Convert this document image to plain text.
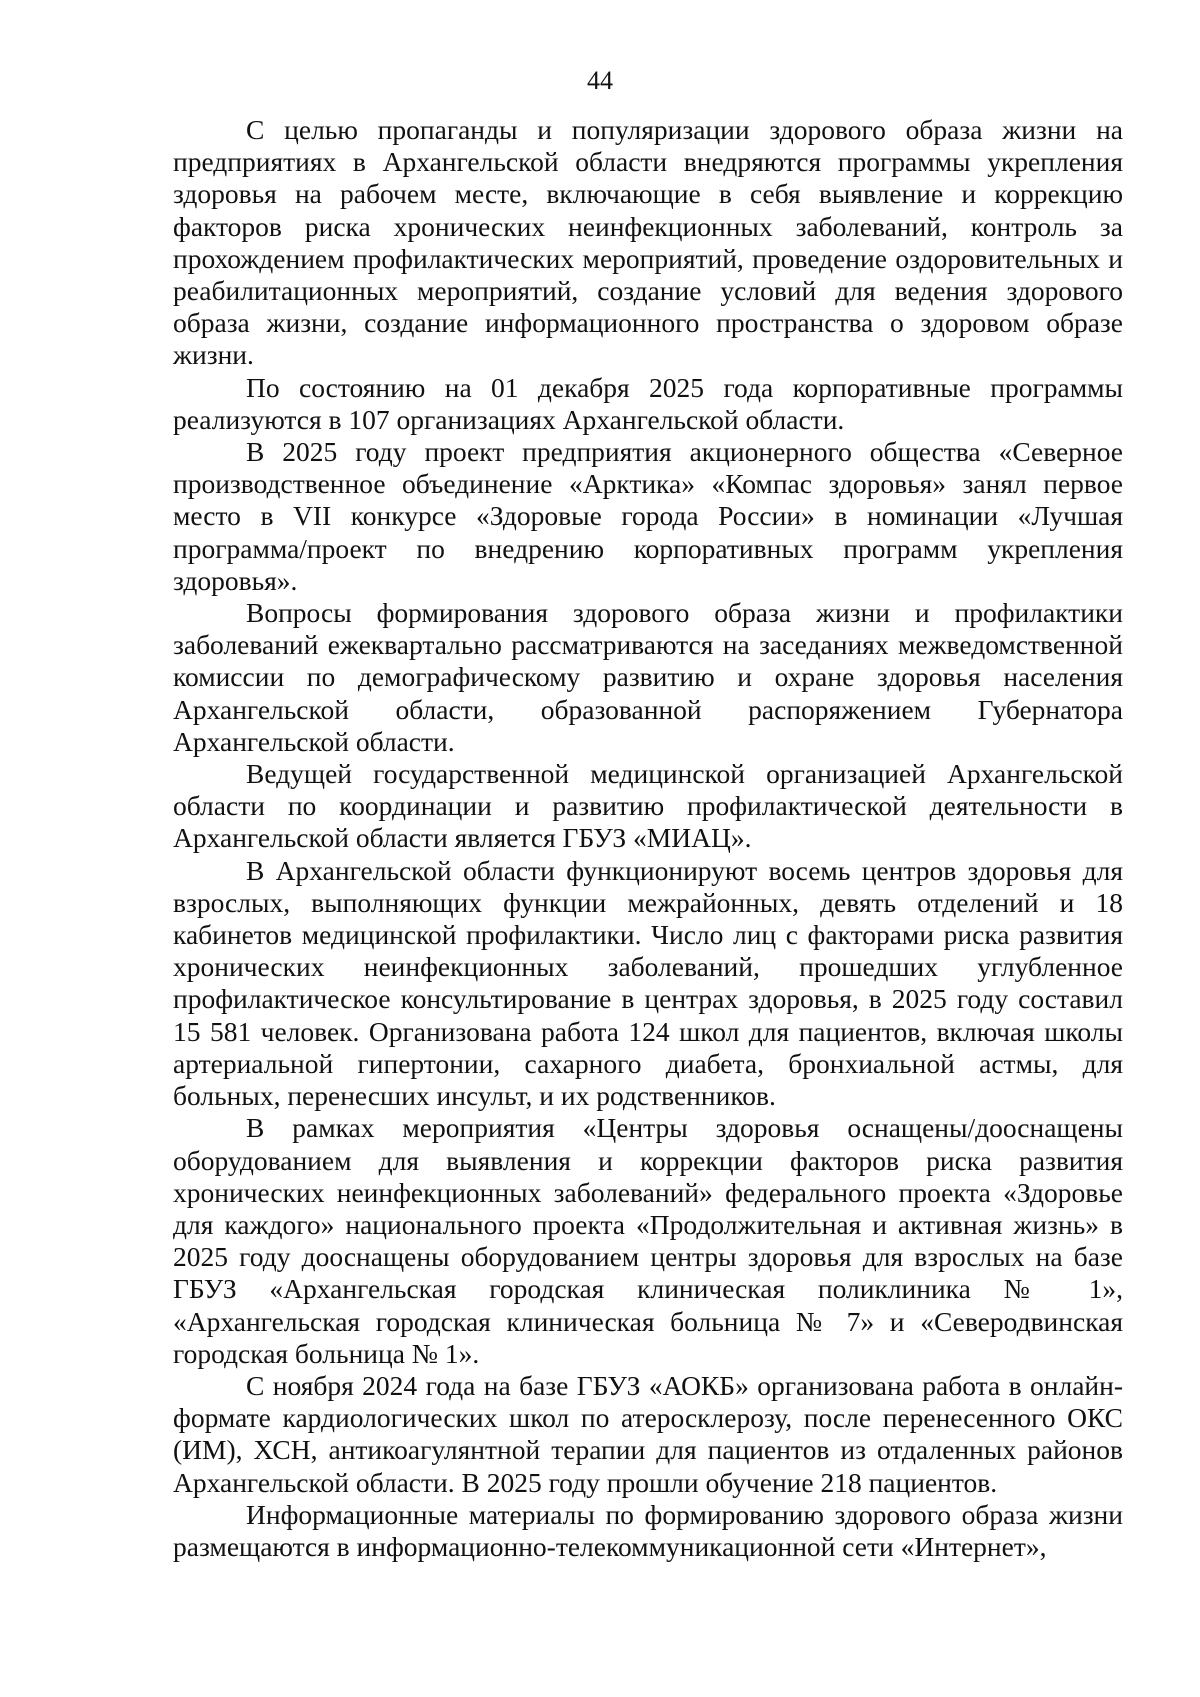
44

С целью пропаганды и популяризации здорового образа жизни на предприятиях в Архангельской области внедряются программы укрепления здоровья на рабочем месте, включающие в себя выявление и коррекцию факторов риска хронических неинфекционных заболеваний, контроль за прохождением профилактических мероприятий, проведение оздоровительных и реабилитационных мероприятий, создание условий для ведения здорового образа жизни, создание информационного пространства о здоровом образе жизни.

По состоянию на 01 декабря 2025 года корпоративные программы реализуются в 107 организациях Архангельской области.

В 2025 году проект предприятия акционерного общества «Северное производственное объединение «Арктика» «Компас здоровья» занял первое место в VII конкурсе «Здоровые города России» в номинации «Лучшая программа/проект по внедрению корпоративных программ укрепления здоровья».

Вопросы формирования здорового образа жизни и профилактики заболеваний ежеквартально рассматриваются на заседаниях межведомственной комиссии по демографическому развитию и охране здоровья населения Архангельской области, образованной распоряжением Губернатора Архангельской области.

Ведущей государственной медицинской организацией Архангельской области по координации и развитию профилактической деятельности в Архангельской области является ГБУЗ «МИАЦ».

В Архангельской области функционируют восемь центров здоровья для взрослых, выполняющих функции межрайонных, девять отделений и 18 кабинетов медицинской профилактики. Число лиц с факторами риска развития хронических неинфекционных заболеваний, прошедших углубленное профилактическое консультирование в центрах здоровья, в 2025 году составил 15 581 человек. Организована работа 124 школ для пациентов, включая школы артериальной гипертонии, сахарного диабета, бронхиальной астмы, для больных, перенесших инсульт, и их родственников.

В рамках мероприятия «Центры здоровья оснащены/дооснащены оборудованием для выявления и коррекции факторов риска развития хронических неинфекционных заболеваний» федерального проекта «Здоровье для каждого» национального проекта «Продолжительная и активная жизнь» в 2025 году дооснащены оборудованием центры здоровья для взрослых на базе ГБУЗ «Архангельская городская клиническая поликлиника № 1», «Архангельская городская клиническая больница № 7» и «Северодвинская городская больница № 1».

С ноября 2024 года на базе ГБУЗ «АОКБ» организована работа в онлайн-формате кардиологических школ по атеросклерозу, после перенесенного ОКС (ИМ), ХСН, антикоагулянтной терапии для пациентов из отдаленных районов Архангельской области. В 2025 году прошли обучение 218 пациентов.

Информационные материалы по формированию здорового образа жизни размещаются в информационно-телекоммуникационной сети «Интернет»,
